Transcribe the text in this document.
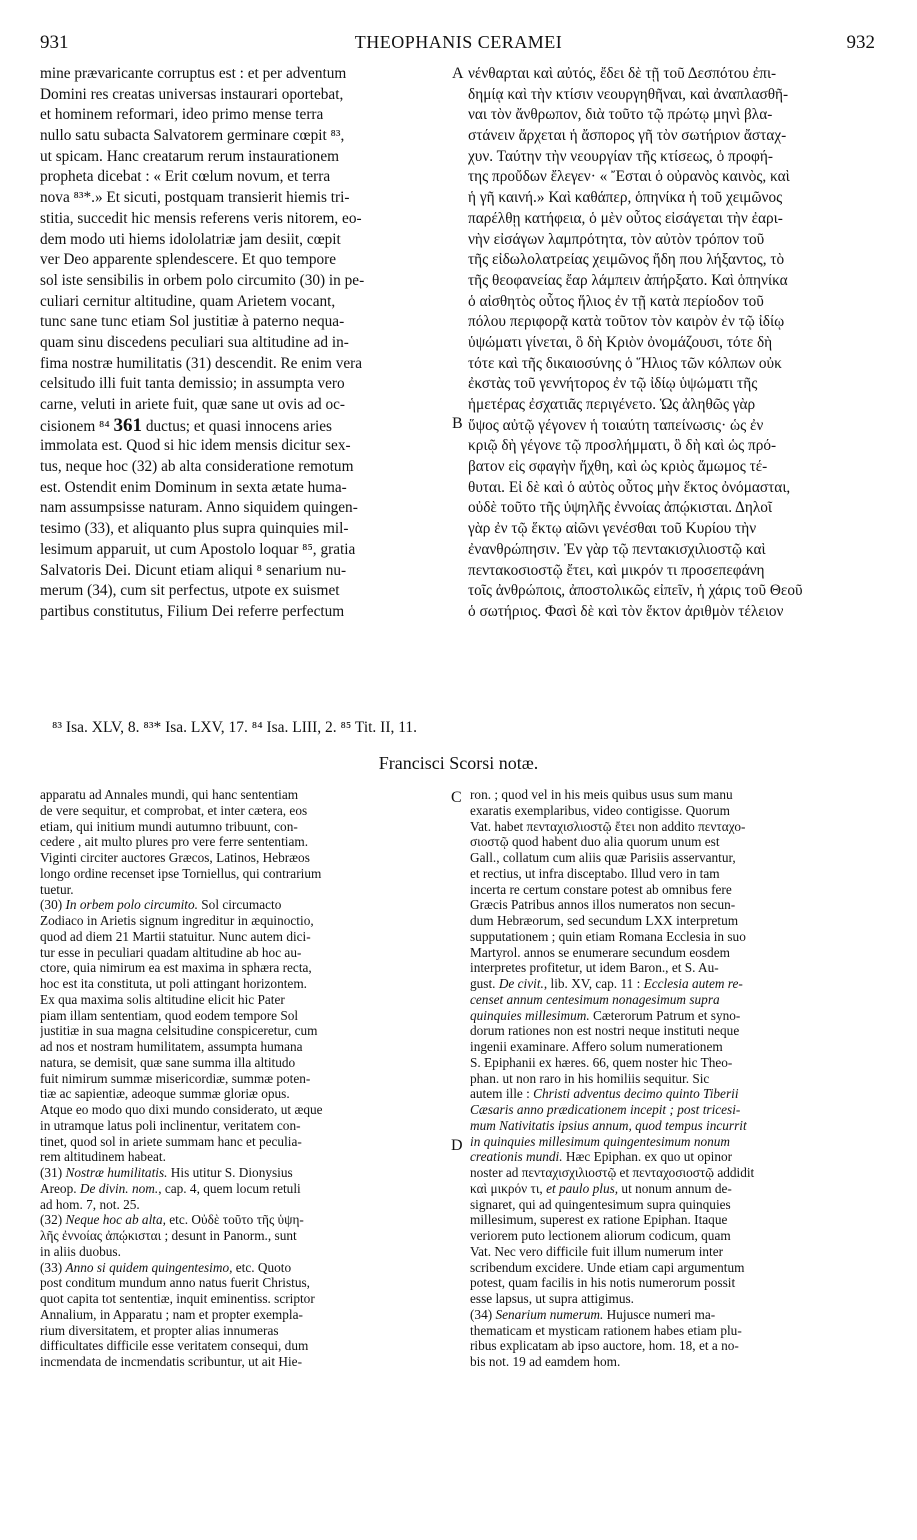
931	THEOPHANIS CERAMEI	932
mine prævaricante corruptus est : et per adventum
Domini res creatas universas instaurari oportebat,
et hominem reformari, ideo primo mense terra
nullo satu subacta Salvatorem germinare cœpit ⁸³,
ut spicam. Hanc creatarum rerum instaurationem
propheta dicebat : « Erit cœlum novum, et terra
nova ⁸³*.» Et sicuti, postquam transierit hiemis tri-
stitia, succedit hic mensis referens veris nitorem, eo-
dem modo uti hiems idololatriæ jam desiit, cœpit
ver Deo apparente splendescere. Et quo tempore
sol iste sensibilis in orbem polo circumito (30) in pe-
culiari cernitur altitudine, quam Arietem vocant,
tunc sane tunc etiam Sol justitiæ à paterno nequa-
quam sinu discedens peculiari sua altitudine ad in-
fima nostræ humilitatis (31) descendit. Re enim vera
celsitudo illi fuit tanta demissio; in assumpta vero
carne, veluti in ariete fuit, quæ sane ut ovis ad oc-
cisionem ⁸⁴ 361 ductus; et quasi innocens aries
immolata est. Quod si hic idem mensis dicitur sex-
tus, neque hoc (32) ab alta consideratione remotum
est. Ostendit enim Dominum in sexta ætate huma-
nam assumpsisse naturam. Anno siquidem quingen-
tesimo (33), et aliquanto plus supra quinquies mil-
lesimum apparuit, ut cum Apostolo loquar ⁸⁵, gratia
Salvatoris Dei. Dicunt etiam aliqui ⁸ senarium nu-
merum (34), cum sit perfectus, utpote ex suismet
partibus constitutus, Filium Dei referre perfectum
νένθαρται καὶ αὐτός, ἔδει δὲ τῇ τοῦ Δεσπότου ἐπι-
δημίᾳ καὶ τὴν κτίσιν νεουργηθῆναι, καὶ ἀναπλασθῆ-
ναι τὸν ἄνθρωπον, διὰ τοῦτο τῷ πρώτῳ μηνὶ βλα-
στάνειν ἄρχεται ἡ ἄσπορος γῆ τὸν σωτήριον ἄσταχ-
χυν. Ταύτην τὴν νεουργίαν τῆς κτίσεως, ὁ προφή-
της προὔδων ἔλεγεν· « Ἔσται ὁ οὐρανὸς καινὸς, καὶ
ἡ γῆ καινή.» Καὶ καθάπερ, ὁπηνίκα ἡ τοῦ χειμῶνος
παρέλθῃ κατήφεια, ὁ μὲν οὗτος εἰσάγεται τὴν ἐαρι-
νὴν εἰσάγων λαμπρότητα, τὸν αὐτὸν τρόπον τοῦ
τῆς εἰδωλολατρείας χειμῶνος ἤδη που λήξαντος, τὸ
τῆς θεοφανείας ἔαρ λάμπειν ἀπήρξατο. Καὶ ὁπηνίκα
ὁ αἰσθητὸς οὗτος ἥλιος ἐν τῇ κατὰ περίοδον τοῦ
πόλου περιφορᾷ κατὰ τοῦτον τὸν καιρὸν ἐν τῷ ἰδίῳ
ὑψώματι γίνεται, ὃ δὴ Κριὸν ὀνομάζουσι, τότε δὴ
τότε καὶ τῆς δικαιοσύνης ὁ Ἥλιος τῶν κόλπων οὐκ
ἐκστὰς τοῦ γεννήτορος ἐν τῷ ἰδίῳ ὑψώματι τῆς
ἡμετέρας ἐσχατιᾶς περιγένετο. Ὡς ἀληθῶς γὰρ
ὕψος αὐτῷ γέγονεν ἡ τοιαύτη ταπείνωσις· ὡς ἐν
κριῷ δὴ γέγονε τῷ προσλήμματι, ὃ δὴ καὶ ὡς πρό-
βατον εἰς σφαγὴν ἤχθη, καὶ ὡς κριὸς ἄμωμος τέ-
θυται. Εἰ δὲ καὶ ὁ αὐτὸς οὗτος μὴν ἕκτος ὀνόμασται,
οὐδὲ τοῦτο τῆς ὑψηλῆς ἐννοίας ἀπῴκισται. Δηλοῖ
γὰρ ἐν τῷ ἕκτῳ αἰῶνι γενέσθαι τοῦ Κυρίου τὴν
ἐνανθρώπησιν. Ἐν γὰρ τῷ πεντακισχιλιοστῷ καὶ
πεντακοσιοστῷ ἔτει, καὶ μικρόν τι προσεπεφάνη
τοῖς ἀνθρώποις, ἀποστολικῶς εἰπεῖν, ἡ χάρις τοῦ Θεοῦ
ὁ σωτήριος. Φασὶ δὲ καὶ τὸν ἕκτον ἀριθμὸν τέλειον
A
B
C
D
⁸³ Isa. XLV, 8. ⁸³* Isa. LXV, 17. ⁸⁴ Isa. LIII, 2. ⁸⁵ Tit. II, 11.
Francisci Scorsi notæ.
apparatu ad Annales mundi, qui hanc sententiam
de vere sequitur, et comprobat, et inter cætera, eos
etiam, qui initium mundi autumno tribuunt, con-
cedere , ait multo plures pro vere ferre sententiam.
Viginti circiter auctores Græcos, Latinos, Hebræos
longo ordine recenset ipse Torniellus, qui contrarium
tuetur.
(30) In orbem polo circumito. Sol circumacto
Zodiaco in Arietis signum ingreditur in æquinoctio,
quod ad diem 21 Martii statuitur. Nunc autem dici-
tur esse in peculiari quadam altitudine ab hoc au-
ctore, quia nimirum ea est maxima in sphæra recta,
hoc est ita constituta, ut poli attingant horizontem.
Ex qua maxima solis altitudine elicit hic Pater
piam illam sententiam, quod eodem tempore Sol
justitiæ in sua magna celsitudine conspiceretur, cum
ad nos et nostram humilitatem, assumpta humana
natura, se demisit, quæ sane summa illa altitudo
fuit nimirum summæ misericordiæ, summæ poten-
tiæ ac sapientiæ, adeoque summæ gloriæ opus.
Atque eo modo quo dixi mundo considerato, ut æque
in utramque latus poli inclinentur, veritatem con-
tinet, quod sol in ariete summam hanc et peculia-
rem altitudinem habeat.
(31) Nostræ humilitatis. His utitur S. Dionysius
Areop. De divin. nom., cap. 4, quem locum retuli
ad hom. 7, not. 25.
(32) Neque hoc ab alta, etc. Οὐδὲ τοῦτο τῆς ὑψη-
λῆς ἐννοίας ἀπῴκισται ; desunt in Panorm., sunt
in aliis duobus.
(33) Anno si quidem quingentesimo, etc. Quoto
post conditum mundum anno natus fuerit Christus,
quot capita tot sententiæ, inquit eminentiss. scriptor
Annalium, in Apparatu ; nam et propter exempla-
rium diversitatem, et propter alias innumeras
difficultates difficile esse veritatem consequi, dum
incmendata de incmendatis scribuntur, ut ait Hie-
ron. ; quod vel in his meis quibus usus sum manu
exaratis exemplaribus, video contigisse. Quorum
Vat. habet πενταχισλιοστῷ ἔτει non addito πενταχο-
σιοστῷ quod habent duo alia quorum unum est
Gall., collatum cum aliis quæ Parisiis asservantur,
et rectius, ut infra disceptabo. Illud vero in tam
incerta re certum constare potest ab omnibus fere
Græcis Patribus annos illos numeratos non secun-
dum Hebræorum, sed secundum LXX interpretum
supputationem ; quin etiam Romana Ecclesia in suo
Martyrol. annos se enumerare secundum eosdem
interpretes profitetur, ut idem Baron., et S. Au-
gust. De civit., lib. XV, cap. 11 : Ecclesia autem re-
censet annum centesimum nonagesimum supra
quinquies millesimum. Cæterorum Patrum et syno-
dorum rationes non est nostri neque instituti neque
ingenii examinare. Affero solum numerationem
S. Epiphanii ex hæres. 66, quem noster hic Theo-
phan. ut non raro in his homiliis sequitur. Sic
autem ille : Christi adventus decimo quinto Tiberii
Cæsaris anno prædicationem incepit ; post tricesi-
mum Nativitatis ipsius annum, quod tempus incurrit
in quinquies millesimum quingentesimum nonum
creationis mundi. Hæc Epiphan. ex quo ut opinor
noster ad πενταχισχιλιοστῷ et πενταχοσιοστῷ addidit
καὶ μικρόν τι, et paulo plus, ut nonum annum de-
signaret, qui ad quingentesimum supra quinquies
millesimum, superest ex ratione Epiphan. Itaque
veriorem puto lectionem aliorum codicum, quam
Vat. Nec vero difficile fuit illum numerum inter
scribendum excidere. Unde etiam capi argumentum
potest, quam facilis in his notis numerorum possit
esse lapsus, ut supra attigimus.
(34) Senarium numerum. Hujusce numeri ma-
thematicam et mysticam rationem habes etiam plu-
ribus explicatam ab ipso auctore, hom. 18, et a no-
bis not. 19 ad eamdem hom.
